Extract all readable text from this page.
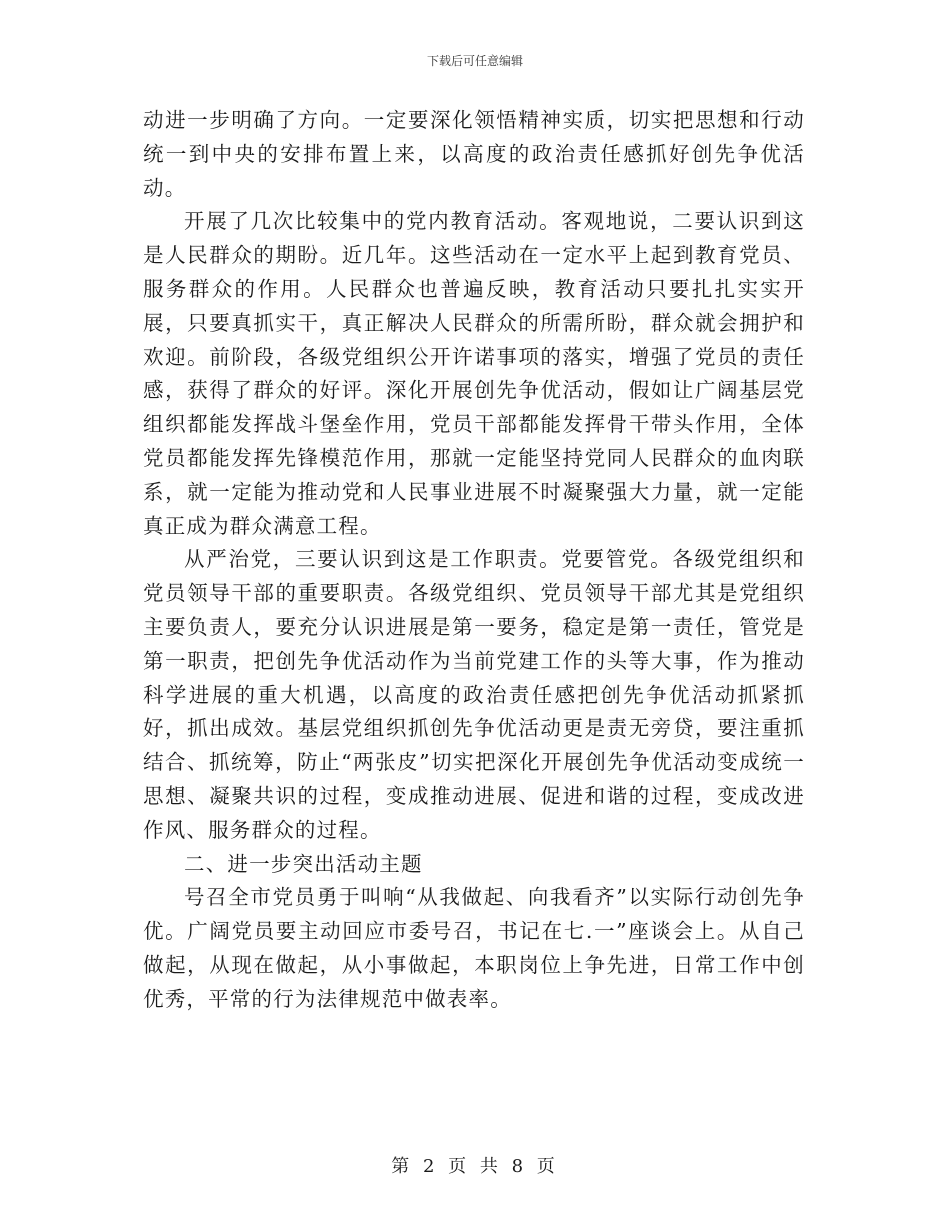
下载后可任意编辑

动进一步明确了方向。一定要深化领悟精神实质，切实把思想和行动统一到中央的安排布置上来，以高度的政治责任感抓好创先争优活动。

开展了几次比较集中的党内教育活动。客观地说，二要认识到这是人民群众的期盼。近几年。这些活动在一定水平上起到教育党员、服务群众的作用。人民群众也普遍反映，教育活动只要扎扎实实开展，只要真抓实干，真正解决人民群众的所需所盼，群众就会拥护和欢迎。前阶段，各级党组织公开许诺事项的落实，增强了党员的责任感，获得了群众的好评。深化开展创先争优活动，假如让广阔基层党组织都能发挥战斗堡垒作用，党员干部都能发挥骨干带头作用，全体党员都能发挥先锋模范作用，那就一定能坚持党同人民群众的血肉联系，就一定能为推动党和人民事业进展不时凝聚强大力量，就一定能真正成为群众满意工程。

从严治党，三要认识到这是工作职责。党要管党。各级党组织和党员领导干部的重要职责。各级党组织、党员领导干部尤其是党组织主要负责人，要充分认识进展是第一要务，稳定是第一责任，管党是第一职责，把创先争优活动作为当前党建工作的头等大事，作为推动科学进展的重大机遇，以高度的政治责任感把创先争优活动抓紧抓好，抓出成效。基层党组织抓创先争优活动更是责无旁贷，要注重抓结合、抓统筹，防止“两张皮”切实把深化开展创先争优活动变成统一思想、凝聚共识的过程，变成推动进展、促进和谐的过程，变成改进作风、服务群众的过程。

二、进一步突出活动主题

号召全市党员勇于叫响“从我做起、向我看齐”以实际行动创先争优。广阔党员要主动回应市委号召，书记在七.一”座谈会上。从自己做起，从现在做起，从小事做起，本职岗位上争先进，日常工作中创优秀，平常的行为法律规范中做表率。

第 2 页 共 8 页
